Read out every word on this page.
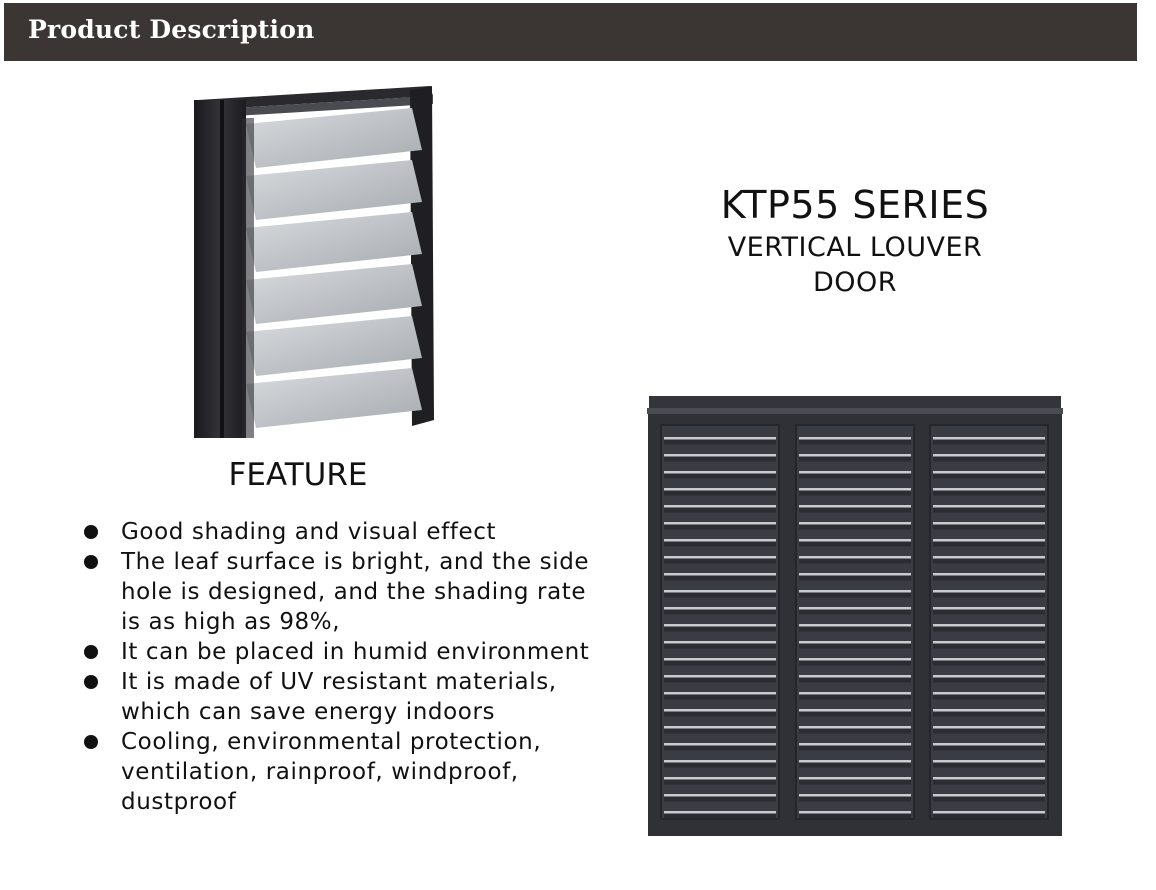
Product Description
FEATURE
Good shading and visual effect
The leaf surface is bright, and the side hole is designed, and the shading rate is as high as 98%,
It can be placed in humid environment
It is made of UV resistant materials, which can save energy indoors
Cooling, environmental protection, ventilation, rainproof, windproof, dustproof
KTP55 SERIES
VERTICAL LOUVER
DOOR
